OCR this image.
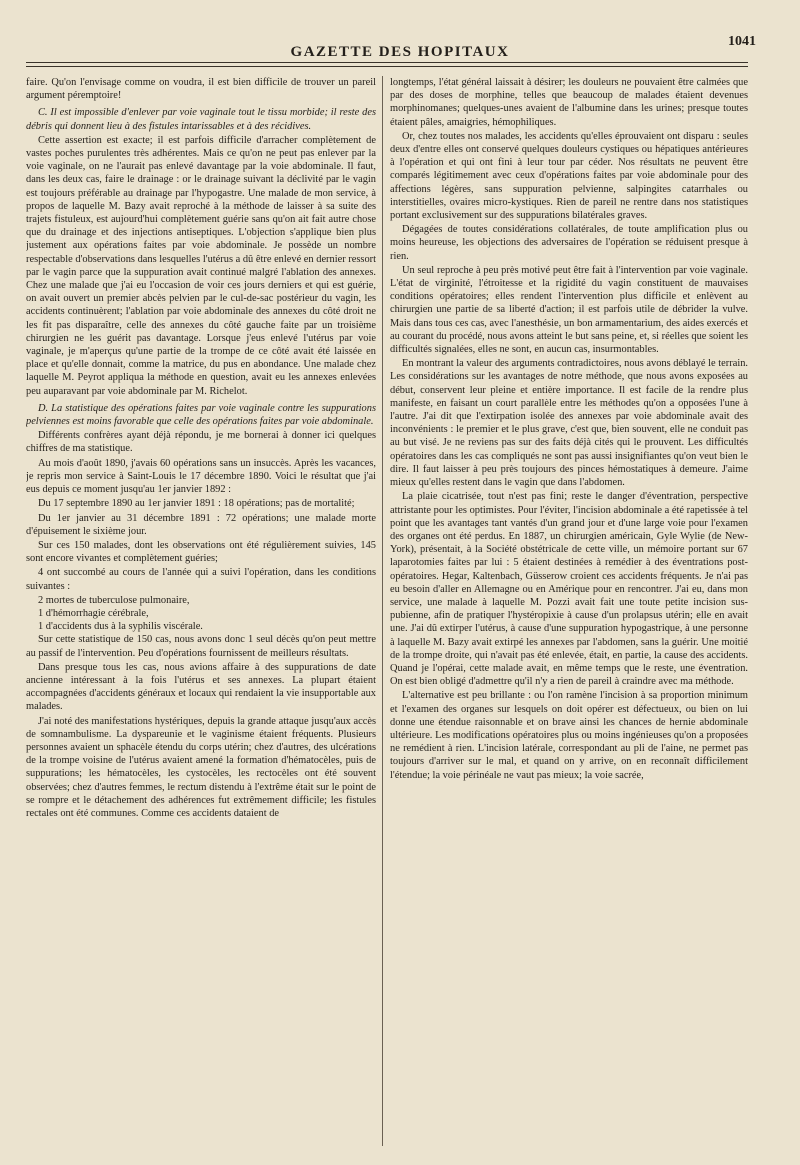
GAZETTE DES HOPITAUX
1041

faire. Qu'on l'envisage comme on voudra, il est bien difficile de trouver un pareil argument péremptoire!

C. Il est impossible d'enlever par voie vaginale tout le tissu morbide; il reste des débris qui donnent lieu à des fistules intarissables et à des récidives.

Cette assertion est exacte; il est parfois difficile d'arracher complètement de vastes poches purulentes très adhérentes. Mais ce qu'on ne peut pas enlever par la voie vaginale, on ne l'aurait pas enlevé davantage par la voie abdominale. Il faut, dans les deux cas, faire le drainage : or le drainage suivant la déclivité par le vagin est toujours préférable au drainage par l'hypogastre. Une malade de mon service, à propos de laquelle M. Bazy avait reproché à la méthode de laisser à sa suite des trajets fistuleux, est aujourd'hui complètement guérie sans qu'on ait fait autre chose que du drainage et des injections antiseptiques. L'objection s'applique bien plus justement aux opérations faites par voie abdominale. Je possède un nombre respectable d'observations dans lesquelles l'utérus a dû être enlevé en dernier ressort par le vagin parce que la suppuration avait continué malgré l'ablation des annexes. Chez une malade que j'ai eu l'occasion de voir ces jours derniers et qui est guérie, on avait ouvert un premier abcès pelvien par le cul-de-sac postérieur du vagin, les accidents continuèrent; l'ablation par voie abdominale des annexes du côté droit ne les fit pas disparaître, celle des annexes du côté gauche faite par un troisième chirurgien ne les guérit pas davantage. Lorsque j'eus enlevé l'utérus par voie vaginale, je m'aperçus qu'une partie de la trompe de ce côté avait été laissée en place et qu'elle donnait, comme la matrice, du pus en abondance. Une malade chez laquelle M. Peyrot appliqua la méthode en question, avait eu les annexes enlevées peu auparavant par voie abdominale par M. Richelot.

D. La statistique des opérations faites par voie vaginale contre les suppurations pelviennes est moins favorable que celle des opérations faites par voie abdominale.

Différents confrères ayant déjà répondu, je me bornerai à donner ici quelques chiffres de ma statistique.

Au mois d'août 1890, j'avais 60 opérations sans un insuccès. Après les vacances, je repris mon service à Saint-Louis le 17 décembre 1890. Voici le résultat que j'ai eus depuis ce moment jusqu'au 1er janvier 1892 :

Du 17 septembre 1890 au 1er janvier 1891 : 18 opérations; pas de mortalité;

Du 1er janvier au 31 décembre 1891 : 72 opérations; une malade morte d'épuisement le sixième jour.

Sur ces 150 malades, dont les observations ont été régulièrement suivies, 145 sont encore vivantes et complètement guéries;

4 ont succombé au cours de l'année qui a suivi l'opération, dans les conditions suivantes :

2 mortes de tuberculose pulmonaire,

1 d'hémorrhagie cérébrale,

1 d'accidents dus à la syphilis viscérale.

Sur cette statistique de 150 cas, nous avons donc 1 seul décès qu'on peut mettre au passif de l'intervention. Peu d'opérations fournissent de meilleurs résultats.

Dans presque tous les cas, nous avions affaire à des suppurations de date ancienne intéressant à la fois l'utérus et ses annexes. La plupart étaient accompagnées d'accidents généraux et locaux qui rendaient la vie insupportable aux malades.

J'ai noté des manifestations hystériques, depuis la grande attaque jusqu'aux accès de somnambulisme. La dyspareunie et le vaginisme étaient fréquents. Plusieurs personnes avaient un sphacèle étendu du corps utérin; chez d'autres, des ulcérations de la trompe voisine de l'utérus avaient amené la formation d'hématocèles, puis de suppurations; les hématocèles, les cystocèles, les rectocèles ont été souvent observées; chez d'autres femmes, le rectum distendu à l'extrême était sur le point de se rompre et le détachement des adhérences fut extrêmement difficile; les fistules rectales ont été communes. Comme ces accidents dataient de

longtemps, l'état général laissait à désirer; les douleurs ne pouvaient être calmées que par des doses de morphine, telles que beaucoup de malades étaient devenues morphinomanes; quelques-unes avaient de l'albumine dans les urines; presque toutes étaient pâles, amaigries, hémophiliques.

Or, chez toutes nos malades, les accidents qu'elles éprouvaient ont disparu : seules deux d'entre elles ont conservé quelques douleurs cystiques ou hépatiques antérieures à l'opération et qui ont fini à leur tour par céder. Nos résultats ne peuvent être comparés légitimement avec ceux d'opérations faites par voie abdominale pour des affections légères, sans suppuration pelvienne, salpingites catarrhales ou interstitielles, ovaires micro-kystiques. Rien de pareil ne rentre dans nos statistiques portant exclusivement sur des suppurations bilatérales graves.

Dégagées de toutes considérations collatérales, de toute amplification plus ou moins heureuse, les objections des adversaires de l'opération se réduisent presque à rien.

Un seul reproche à peu près motivé peut être fait à l'intervention par voie vaginale. L'état de virginité, l'étroitesse et la rigidité du vagin constituent de mauvaises conditions opératoires; elles rendent l'intervention plus difficile et enlèvent au chirurgien une partie de sa liberté d'action; il est parfois utile de débrider la vulve. Mais dans tous ces cas, avec l'anesthésie, un bon armamentarium, des aides exercés et au courant du procédé, nous avons atteint le but sans peine, et, si réelles que soient les difficultés signalées, elles ne sont, en aucun cas, insurmontables.

En montrant la valeur des arguments contradictoires, nous avons déblayé le terrain. Les considérations sur les avantages de notre méthode, que nous avons exposées au début, conservent leur pleine et entière importance. Il est facile de la rendre plus manifeste, en faisant un court parallèle entre les méthodes qu'on a opposées l'une à l'autre. J'ai dit que l'extirpation isolée des annexes par voie abdominale avait des inconvénients : le premier et le plus grave, c'est que, bien souvent, elle ne conduit pas au but visé. Je ne reviens pas sur des faits déjà cités qui le prouvent. Les difficultés opératoires dans les cas compliqués ne sont pas aussi insignifiantes qu'on veut bien le dire. Il faut laisser à peu près toujours des pinces hémostatiques à demeure. J'aime mieux qu'elles restent dans le vagin que dans l'abdomen.

La plaie cicatrisée, tout n'est pas fini; reste le danger d'éventration, perspective attristante pour les optimistes. Pour l'éviter, l'incision abdominale a été rapetissée à tel point que les avantages tant vantés d'un grand jour et d'une large voie pour l'examen des organes ont été perdus. En 1887, un chirurgien américain, Gyle Wylie (de New-York), présentait, à la Société obstétricale de cette ville, un mémoire portant sur 67 laparotomies faites par lui : 5 étaient destinées à remédier à des éventrations post-opératoires. Hegar, Kaltenbach, Güsserow croient ces accidents fréquents. Je n'ai pas eu besoin d'aller en Allemagne ou en Amérique pour en rencontrer. J'ai eu, dans mon service, une malade à laquelle M. Pozzi avait fait une toute petite incision sus-pubienne, afin de pratiquer l'hystéropixie à cause d'un prolapsus utérin; elle en avait une. J'ai dû extirper l'utérus, à cause d'une suppuration hypogastrique, à une personne à laquelle M. Bazy avait extirpé les annexes par l'abdomen, sans la guérir. Une moitié de la trompe droite, qui n'avait pas été enlevée, était, en partie, la cause des accidents. Quand je l'opérai, cette malade avait, en même temps que le reste, une éventration. On est bien obligé d'admettre qu'il n'y a rien de pareil à craindre avec ma méthode.

L'alternative est peu brillante : ou l'on ramène l'incision à sa proportion minimum et l'examen des organes sur lesquels on doit opérer est défectueux, ou bien on lui donne une étendue raisonnable et on brave ainsi les chances de hernie abdominale ultérieure. Les modifications opératoires plus ou moins ingénieuses qu'on a proposées ne remédient à rien. L'incision latérale, correspondant au pli de l'aine, ne permet pas toujours d'arriver sur le mal, et quand on y arrive, on en reconnaît difficilement l'étendue; la voie périnéale ne vaut pas mieux; la voie sacrée,
